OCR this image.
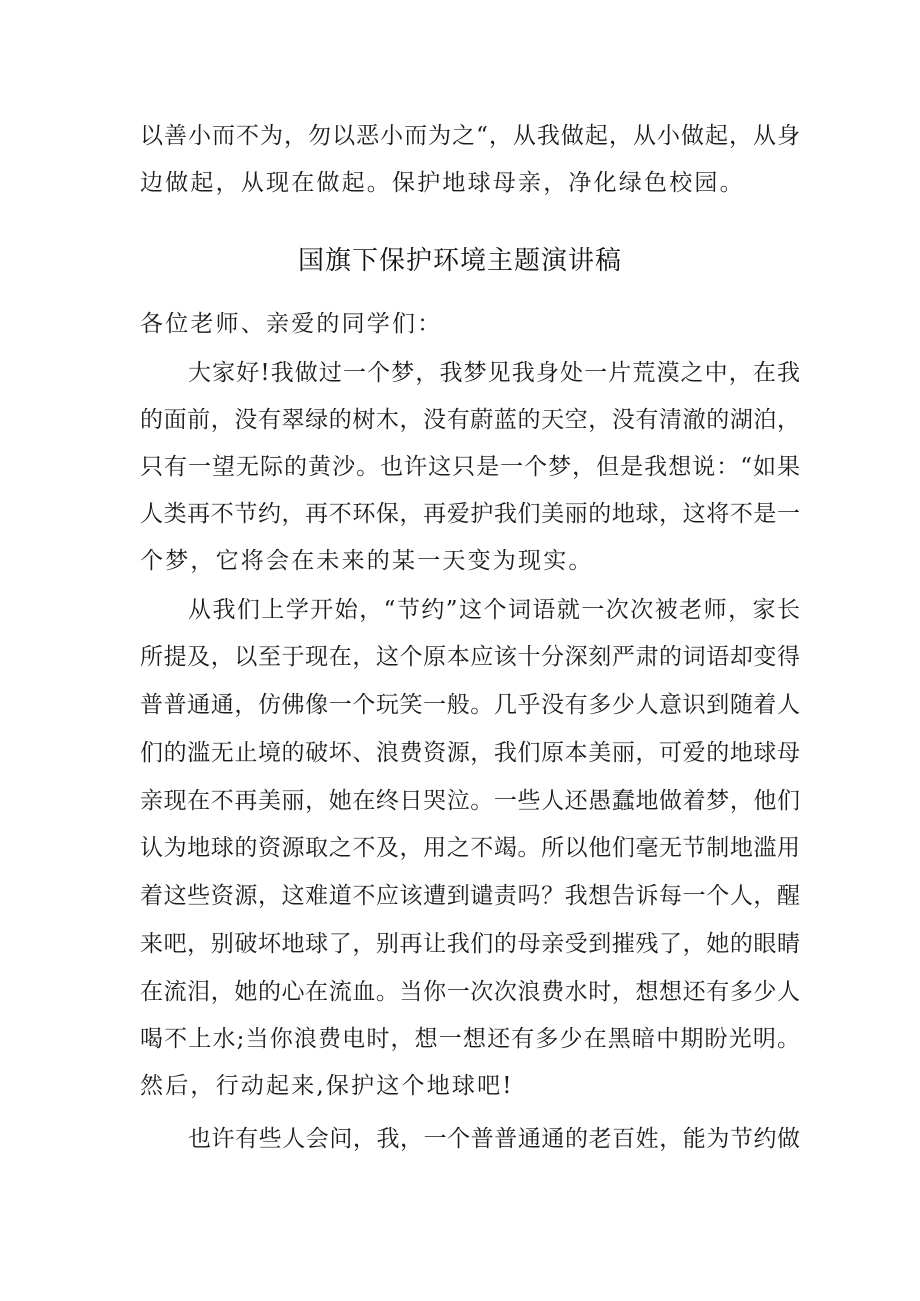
以善小而不为，勿以恶小而为之“，从我做起，从小做起，从身
边做起，从现在做起。保护地球母亲，净化绿色校园。
国旗下保护环境主题演讲稿
各位老师、亲爱的同学们：
大家好!我做过一个梦，我梦见我身处一片荒漠之中，在我
的面前，没有翠绿的树木，没有蔚蓝的天空，没有清澈的湖泊，
只有一望无际的黄沙。也许这只是一个梦，但是我想说：“如果
人类再不节约，再不环保，再爱护我们美丽的地球，这将不是一
个梦，它将会在未来的某一天变为现实。
从我们上学开始，“节约”这个词语就一次次被老师，家长
所提及，以至于现在，这个原本应该十分深刻严肃的词语却变得
普普通通，仿佛像一个玩笑一般。几乎没有多少人意识到随着人
们的滥无止境的破坏、浪费资源，我们原本美丽，可爱的地球母
亲现在不再美丽，她在终日哭泣。一些人还愚蠢地做着梦，他们
认为地球的资源取之不及，用之不竭。所以他们毫无节制地滥用
着这些资源，这难道不应该遭到谴责吗？我想告诉每一个人，醒
来吧，别破坏地球了，别再让我们的母亲受到摧残了，她的眼睛
在流泪，她的心在流血。当你一次次浪费水时，想想还有多少人
喝不上水;当你浪费电时，想一想还有多少在黑暗中期盼光明。
然后，行动起来,保护这个地球吧!
也许有些人会问，我，一个普普通通的老百姓，能为节约做
